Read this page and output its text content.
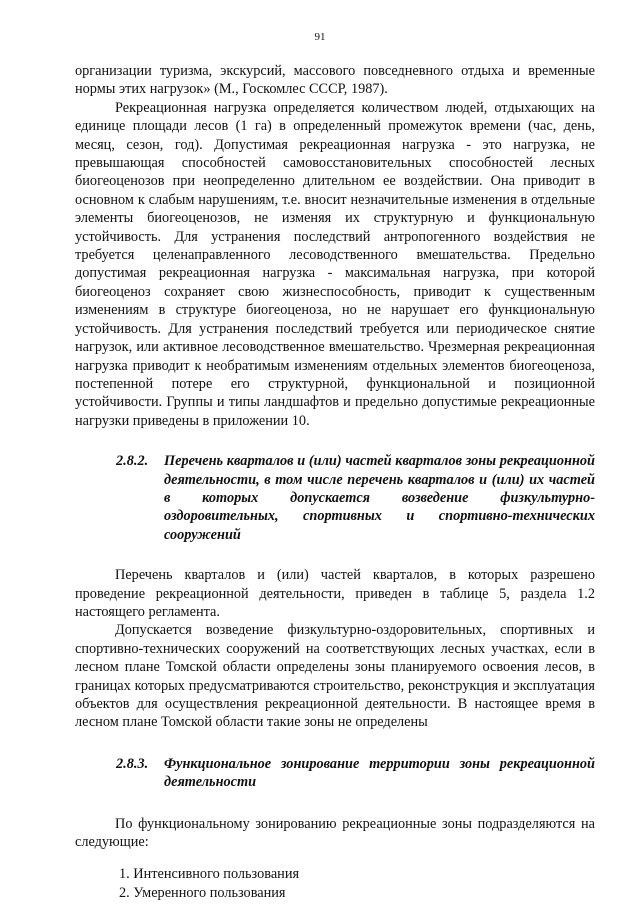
91

организации туризма, экскурсий, массового повседневного отдыха и временные нормы этих нагрузок» (М., Госкомлес СССР, 1987).

Рекреационная нагрузка определяется количеством людей, отдыхающих на единице площади лесов (1 га) в определенный промежуток времени (час, день, месяц, сезон, год). Допустимая рекреационная нагрузка - это нагрузка, не превышающая способностей самовосстановительных способностей лесных биогеоценозов при неопределенно длительном ее воздействии. Она приводит в основном к слабым нарушениям, т.е. вносит незначительные изменения в отдельные элементы биогеоценозов, не изменяя их структурную и функциональную устойчивость. Для устранения последствий антропогенного воздействия не требуется целенаправленного лесоводственного вмешательства. Предельно допустимая рекреационная нагрузка - максимальная нагрузка, при которой биогеоценоз сохраняет свою жизнеспособность, приводит к существенным изменениям в структуре биогеоценоза, но не нарушает его функциональную устойчивость. Для устранения последствий требуется или периодическое снятие нагрузок, или активное лесоводственное вмешательство. Чрезмерная рекреационная нагрузка приводит к необратимым изменениям отдельных элементов биогеоценоза, постепенной потере его структурной, функциональной и позиционной устойчивости. Группы и типы ландшафтов и предельно допустимые рекреационные нагрузки приведены в приложении 10.

2.8.2.	Перечень кварталов и (или) частей кварталов зоны рекреационной деятельности, в том числе перечень кварталов и (или) их частей в которых допускается возведение физкультурно-оздоровительных, спортивных и спортивно-технических сооружений

Перечень кварталов и (или) частей кварталов, в которых разрешено проведение рекреационной деятельности, приведен в таблице 5, раздела 1.2 настоящего регламента.

Допускается возведение физкультурно-оздоровительных, спортивных и спортивно-технических сооружений на соответствующих лесных участках, если в лесном плане Томской области определены зоны планируемого освоения лесов, в границах которых предусматриваются строительство, реконструкция и эксплуатация объектов для осуществления рекреационной деятельности. В настоящее время в лесном плане Томской области такие зоны не определены

2.8.3.	Функциональное зонирование территории зоны рекреационной деятельности

По функциональному зонированию рекреационные зоны подразделяются на следующие:

1. Интенсивного пользования
2. Умеренного пользования
